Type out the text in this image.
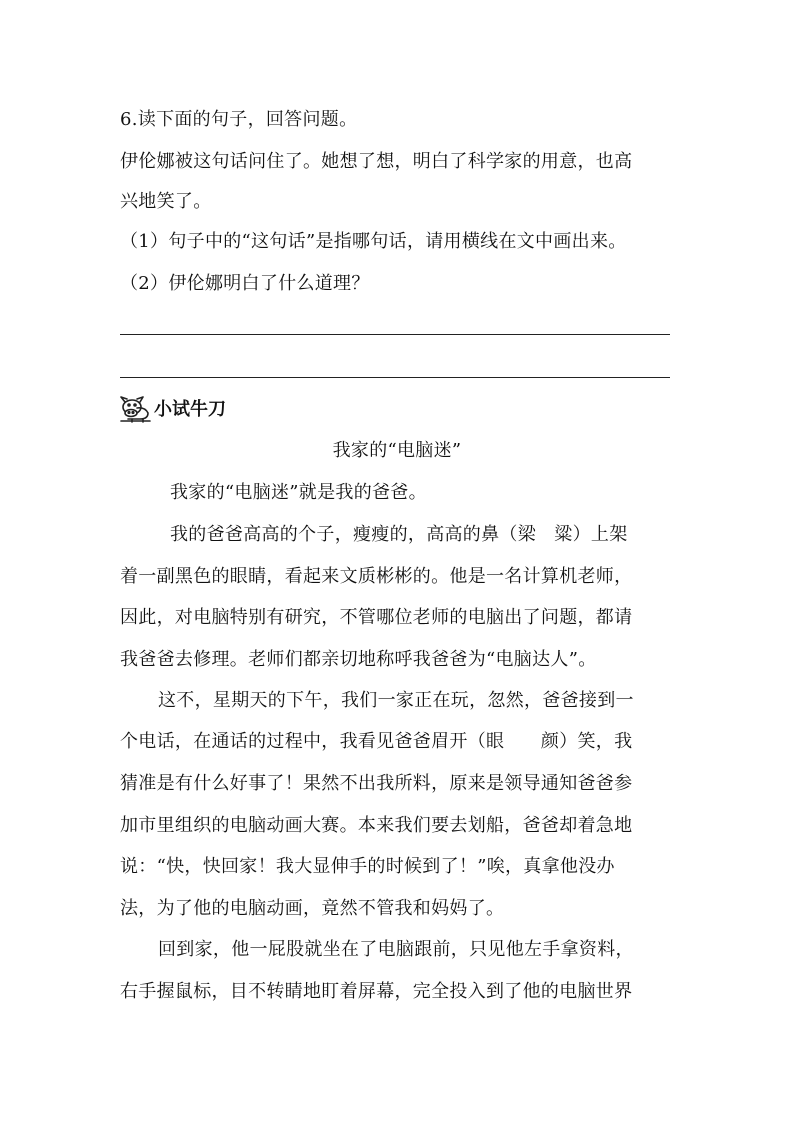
6.读下面的句子，回答问题。
伊伦娜被这句话问住了。她想了想，明白了科学家的用意，也高
兴地笑了。
（1）句子中的“这句话”是指哪句话，请用横线在文中画出来。
（2）伊伦娜明白了什么道理？
小试牛刀
我家的“电脑迷”
我家的“电脑迷”就是我的爸爸。
我的爸爸高高的个子，瘦瘦的，高高的鼻（梁　粱）上架
着一副黑色的眼睛，看起来文质彬彬的。他是一名计算机老师，
因此，对电脑特别有研究，不管哪位老师的电脑出了问题，都请
我爸爸去修理。老师们都亲切地称呼我爸爸为“电脑达人”。
这不，星期天的下午，我们一家正在玩，忽然，爸爸接到一
个电话，在通话的过程中，我看见爸爸眉开（眼　　颜）笑，我
猜准是有什么好事了！果然不出我所料，原来是领导通知爸爸参
加市里组织的电脑动画大赛。本来我们要去划船，爸爸却着急地
说：“快，快回家！我大显伸手的时候到了！”唉，真拿他没办
法，为了他的电脑动画，竟然不管我和妈妈了。
回到家，他一屁股就坐在了电脑跟前，只见他左手拿资料，
右手握鼠标，目不转睛地盯着屏幕，完全投入到了他的电脑世界
